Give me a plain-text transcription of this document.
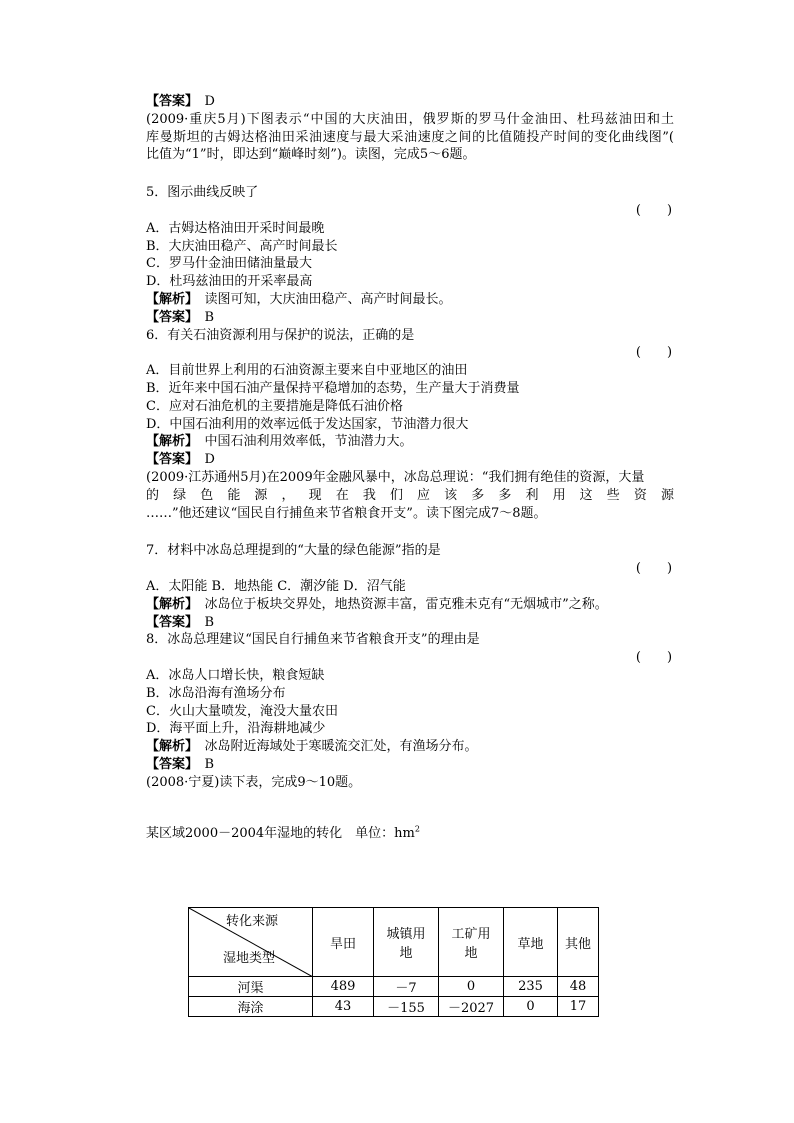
【答案】　D
(2009·重庆5月)下图表示“中国的大庆油田，俄罗斯的罗马什金油田、杜玛兹油田和土
库曼斯坦的古姆达格油田采油速度与最大采油速度之间的比值随投产时间的变化曲线图”(
比值为“1”时，即达到“巅峰时刻”)。读图，完成5～6题。
5．图示曲线反映了
(　　)
A．古姆达格油田开采时间最晚
B．大庆油田稳产、高产时间最长
C．罗马什金油田储油量最大
D．杜玛兹油田的开采率最高
【解析】　读图可知，大庆油田稳产、高产时间最长。
【答案】　B
6．有关石油资源利用与保护的说法，正确的是
(　　)
A．目前世界上利用的石油资源主要来自中亚地区的油田
B．近年来中国石油产量保持平稳增加的态势，生产量大于消费量
C．应对石油危机的主要措施是降低石油价格
D．中国石油利用的效率远低于发达国家，节油潜力很大
【解析】　中国石油利用效率低，节油潜力大。
【答案】　D
(2009·江苏通州5月)在2009年金融风暴中，冰岛总理说：“我们拥有绝佳的资源，大量
的绿色能源，现在我们应该多多利用这些资源
……”他还建议“国民自行捕鱼来节省粮食开支”。读下图完成7～8题。
7．材料中冰岛总理提到的“大量的绿色能源”指的是
(　　)
A．太阳能 B．地热能 C．潮汐能 D．沼气能
【解析】　冰岛位于板块交界处，地热资源丰富，雷克雅未克有“无烟城市”之称。
【答案】　B
8．冰岛总理建议“国民自行捕鱼来节省粮食开支”的理由是
(　　)
A．冰岛人口增长快，粮食短缺
B．冰岛沿海有渔场分布
C．火山大量喷发，淹没大量农田
D．海平面上升，沿海耕地减少
【解析】　冰岛附近海域处于寒暖流交汇处，有渔场分布。
【答案】　B
(2008·宁夏)读下表，完成9～10题。
某区域2000－2004年湿地的转化　单位：$hm^2$
转化来源
湿地类型	旱田	城镇用
地	工矿用
地	草地	其他
河渠	489	－7	0	235	48
海涂	43	－155	－2027	0	17
